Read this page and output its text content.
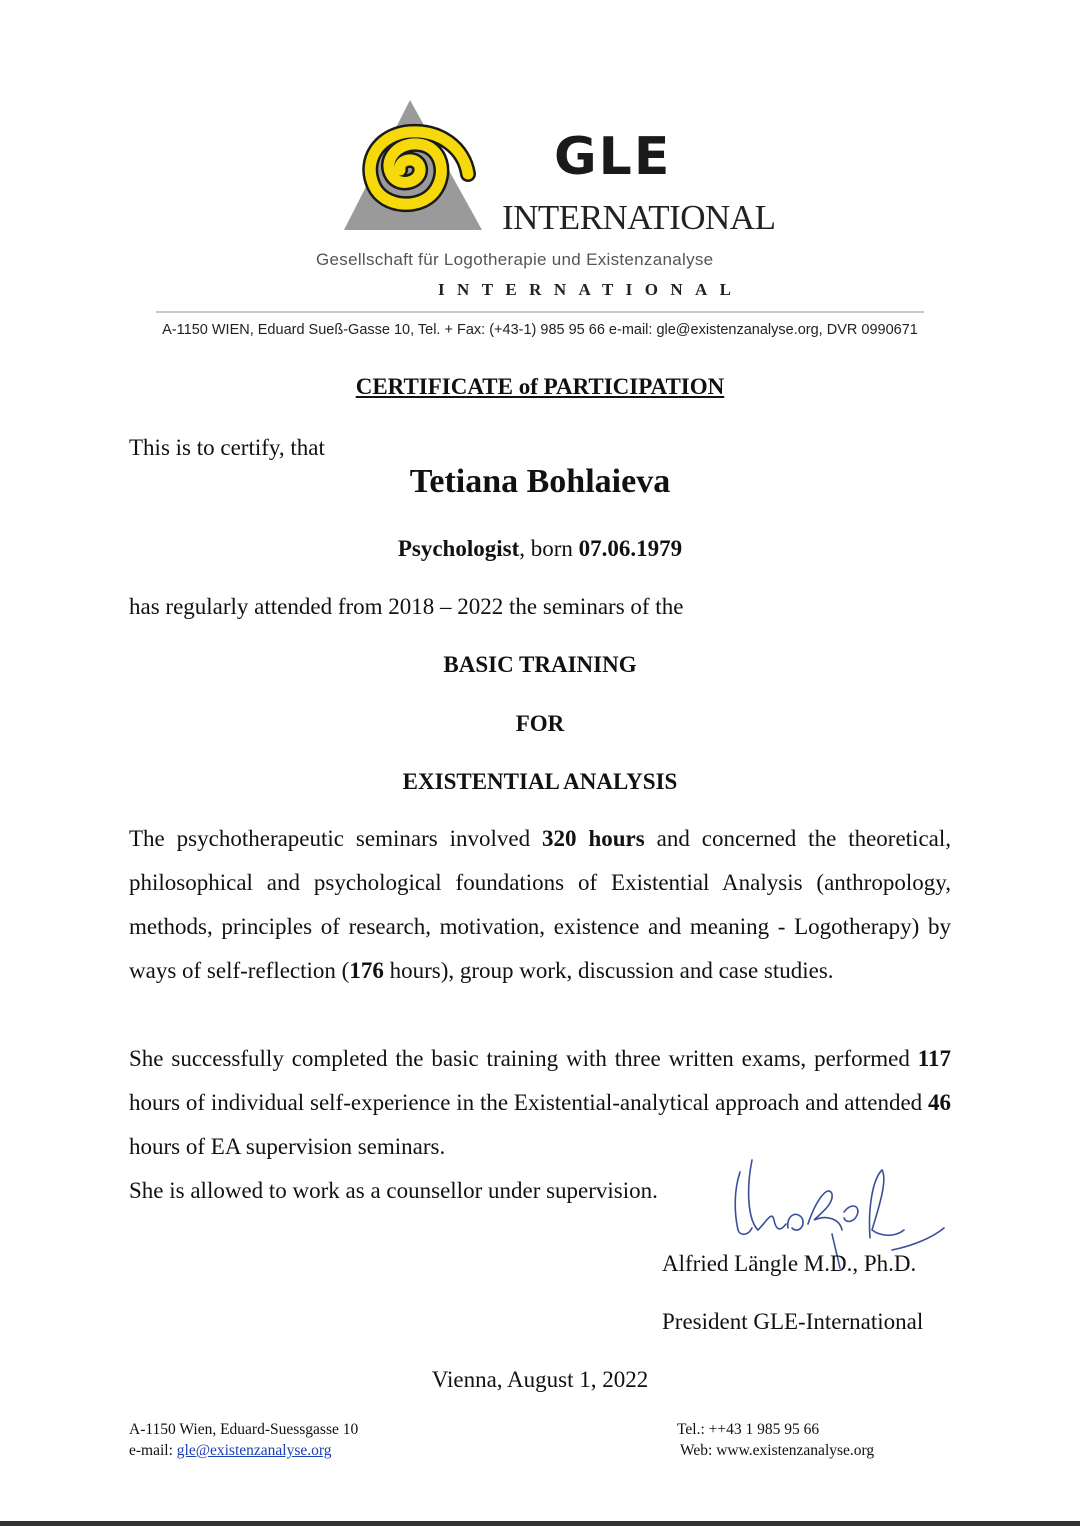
GLE
INTERNATIONAL
Gesellschaft für Logotherapie und Existenzanalyse
INTERNATIONAL
A-1150 WIEN, Eduard Sueß-Gasse 10, Tel. + Fax: (+43-1) 985 95 66 e-mail: gle@existenzanalyse.org, DVR 0990671
CERTIFICATE of PARTICIPATION
This is to certify, that
Tetiana Bohlaieva
Psychologist, born 07.06.1979
has regularly attended from 2018 – 2022 the seminars of the
BASIC TRAINING
FOR
EXISTENTIAL ANALYSIS
The psychotherapeutic seminars involved 320 hours and concerned the theoretical, philosophical and psychological foundations of Existential Analysis (anthropology, methods, principles of research, motivation, existence and meaning - Logotherapy) by ways of self-reflection (176 hours), group work, discussion and case studies.
She successfully completed the basic training with three written exams, performed 117 hours of individual self-experience in the Existential-analytical approach and attended 46 hours of EA supervision seminars.
She is allowed to work as a counsellor under supervision.
Alfried Längle M.D., Ph.D.
President GLE-International
Vienna, August 1, 2022
A-1150 Wien, Eduard-Suessgasse 10
e-mail: gle@existenzanalyse.org
Tel.: ++43 1 985 95 66
Web: www.existenzanalyse.org
